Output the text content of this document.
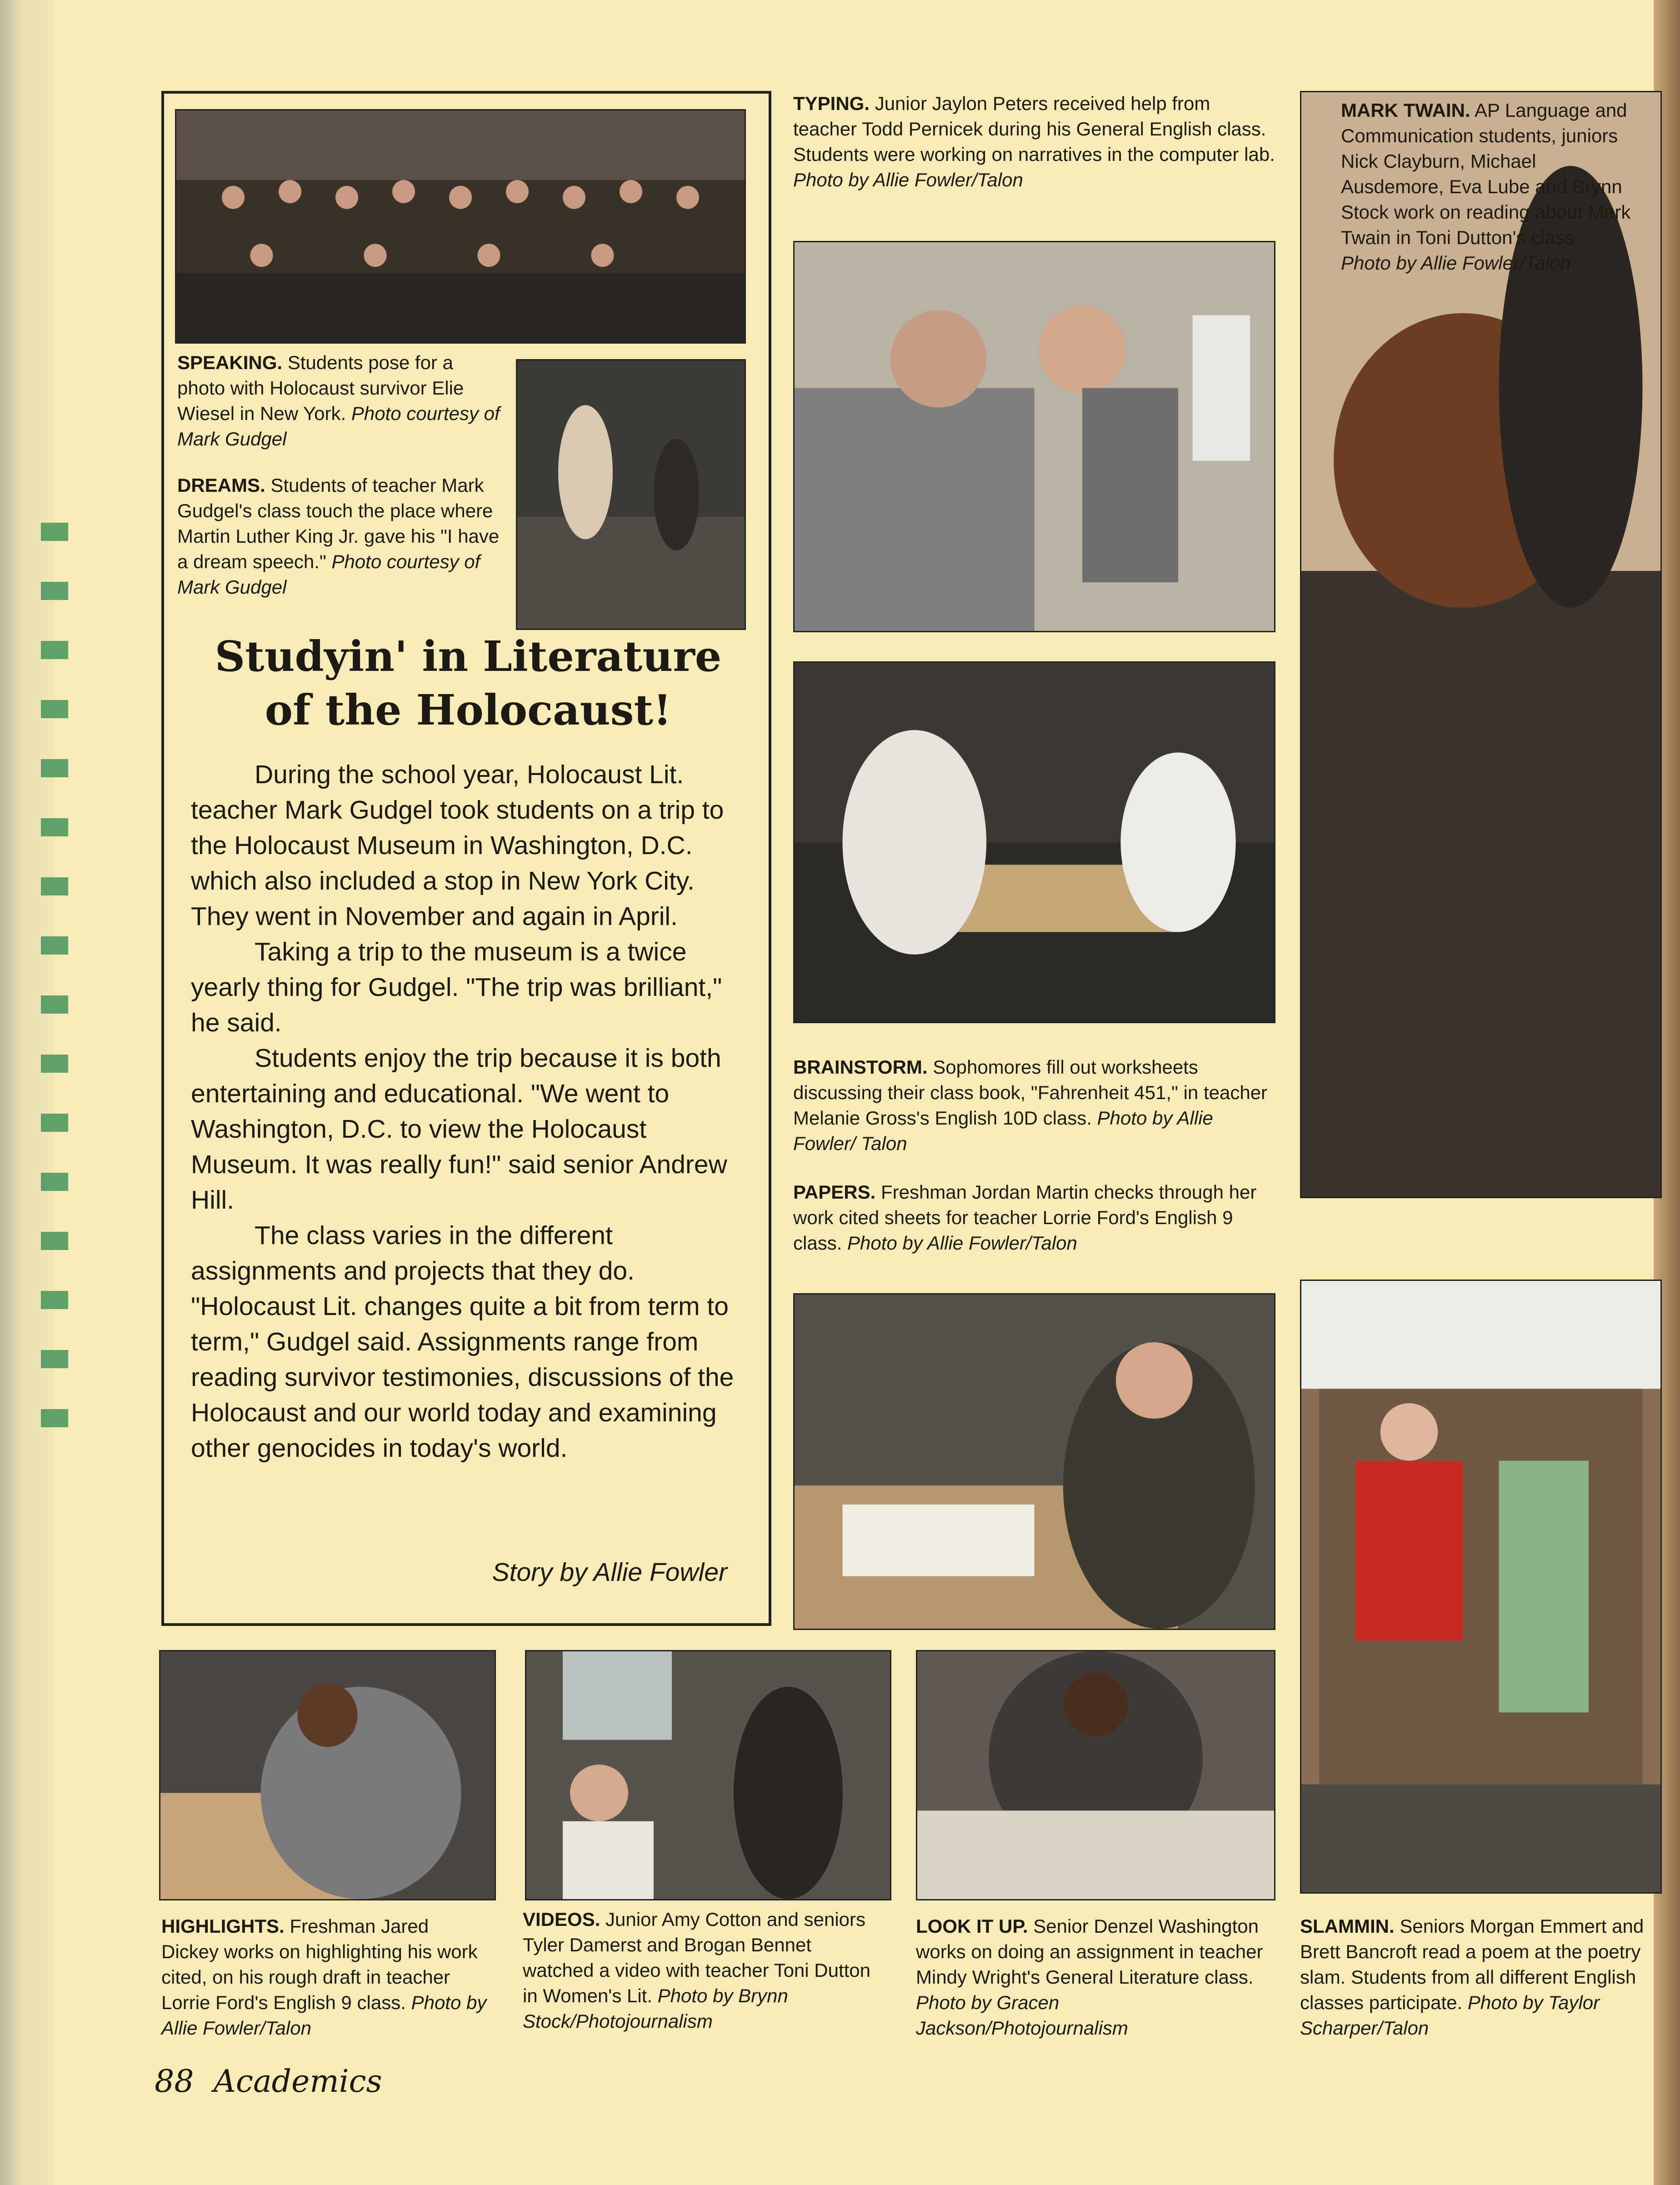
SPEAKING. Students pose for a photo with Holocaust survivor Elie Wiesel in New York. Photo courtesy of Mark Gudgel
DREAMS. Students of teacher Mark Gudgel's class touch the place where Martin Luther King Jr. gave his "I have a dream speech." Photo courtesy of Mark Gudgel
TYPING. Junior Jaylon Peters received help from teacher Todd Pernicek during his General English class. Students were working on narratives in the computer lab. Photo by Allie Fowler/Talon
MARK TWAIN. AP Language and Communication students, juniors Nick Clayburn, Michael Ausdemore, Eva Lube and Brynn Stock work on reading about Mark Twain in Toni Dutton's class. Photo by Allie Fowler/Talon
BRAINSTORM. Sophomores fill out worksheets discussing their class book, "Fahrenheit 451," in teacher Melanie Gross's English 10D class. Photo by Allie Fowler/ Talon
PAPERS. Freshman Jordan Martin checks through her work cited sheets for teacher Lorrie Ford's English 9 class. Photo by Allie Fowler/Talon
HIGHLIGHTS. Freshman Jared Dickey works on highlighting his work cited, on his rough draft in teacher Lorrie Ford's English 9 class. Photo by Allie Fowler/Talon
VIDEOS. Junior Amy Cotton and seniors Tyler Damerst and Brogan Bennet watched a video with teacher Toni Dutton in Women's Lit. Photo by Brynn Stock/Photojournalism
LOOK IT UP. Senior Denzel Washington works on doing an assignment in teacher Mindy Wright's General Literature class. Photo by Gracen Jackson/Photojournalism
SLAMMIN. Seniors Morgan Emmert and Brett Bancroft read a poem at the poetry slam. Students from all different English classes participate. Photo by Taylor Scharper/Talon
Studyin' in Literature of the Holocaust!

During the school year, Holocaust Lit. teacher Mark Gudgel took students on a trip to the Holocaust Museum in Washington, D.C. which also included a stop in New York City. They went in November and again in April.

Taking a trip to the museum is a twice yearly thing for Gudgel. "The trip was brilliant," he said.

Students enjoy the trip because it is both entertaining and educational. "We went to Washington, D.C. to view the Holocaust Museum. It was really fun!" said senior Andrew Hill.

The class varies in the different assignments and projects that they do. "Holocaust Lit. changes quite a bit from term to term," Gudgel said. Assignments range from reading survivor testimonies, discussions of the Holocaust and our world today and examining other genocides in today's world.

Story by Allie Fowler
88 Academics
